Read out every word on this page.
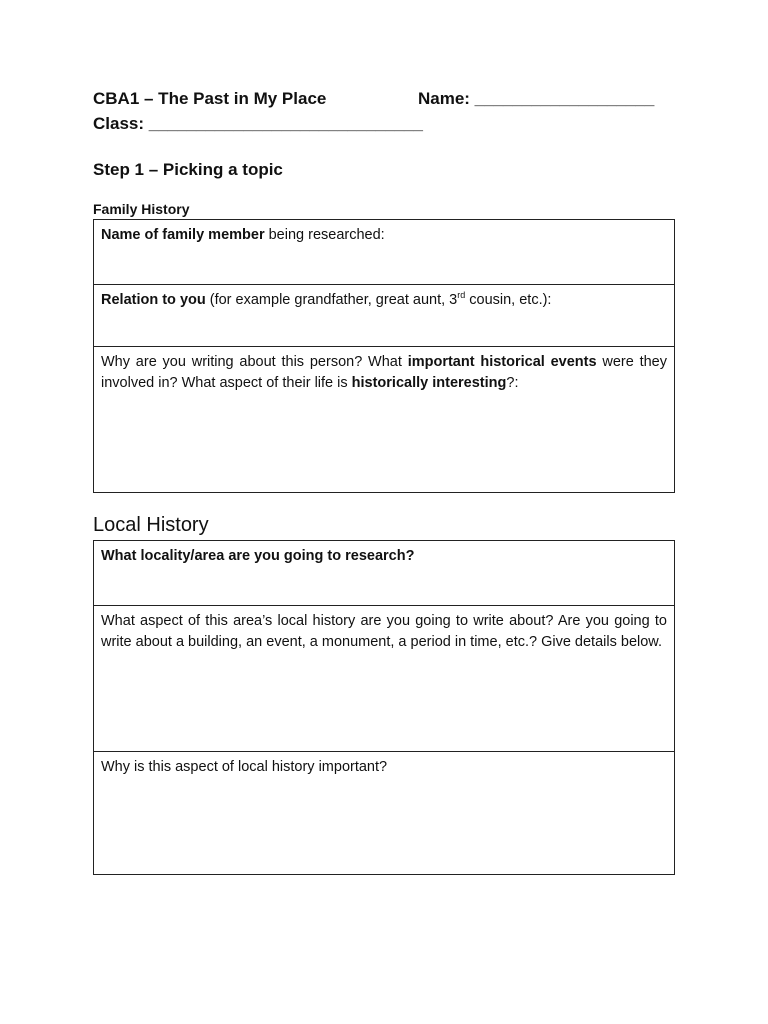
CBA1 – The Past in My Place	Name: ___________________
Class: _____________________________
Step 1 – Picking a topic
Family History
Name of family member being researched:
Relation to you (for example grandfather, great aunt, 3rd cousin, etc.):
Why are you writing about this person? What important historical events were they involved in? What aspect of their life is historically interesting?:
Local History
What locality/area are you going to research?
What aspect of this area’s local history are you going to write about? Are you going to write about a building, an event, a monument, a period in time, etc.? Give details below.
Why is this aspect of local history important?
